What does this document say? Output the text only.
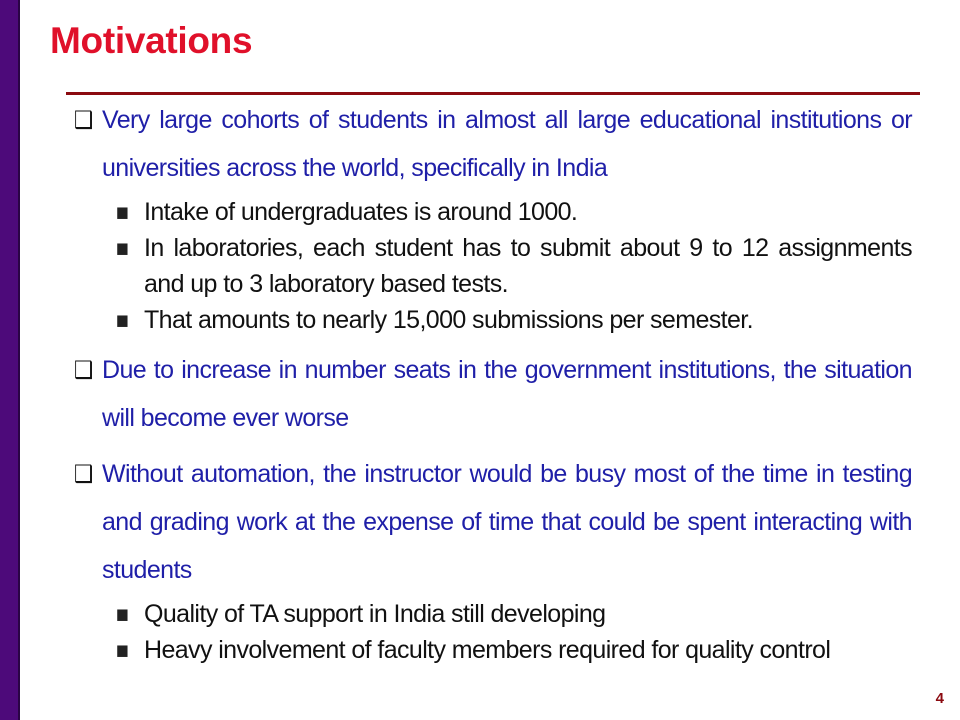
Motivations
❑ Very large cohorts of students in almost all large educational institutions or universities across the world, specifically in India
■ Intake of undergraduates is around 1000.
■ In laboratories, each student has to submit about 9 to 12 assignments and up to 3 laboratory based tests.
■ That amounts to nearly 15,000 submissions per semester.
❑ Due to increase in number seats in the government institutions, the situation will become ever worse
❑ Without automation, the instructor would be busy most of the time in testing and grading work at the expense of time that could be spent interacting with students
■ Quality of TA support in India still developing
■ Heavy involvement of faculty members required for quality control
4
